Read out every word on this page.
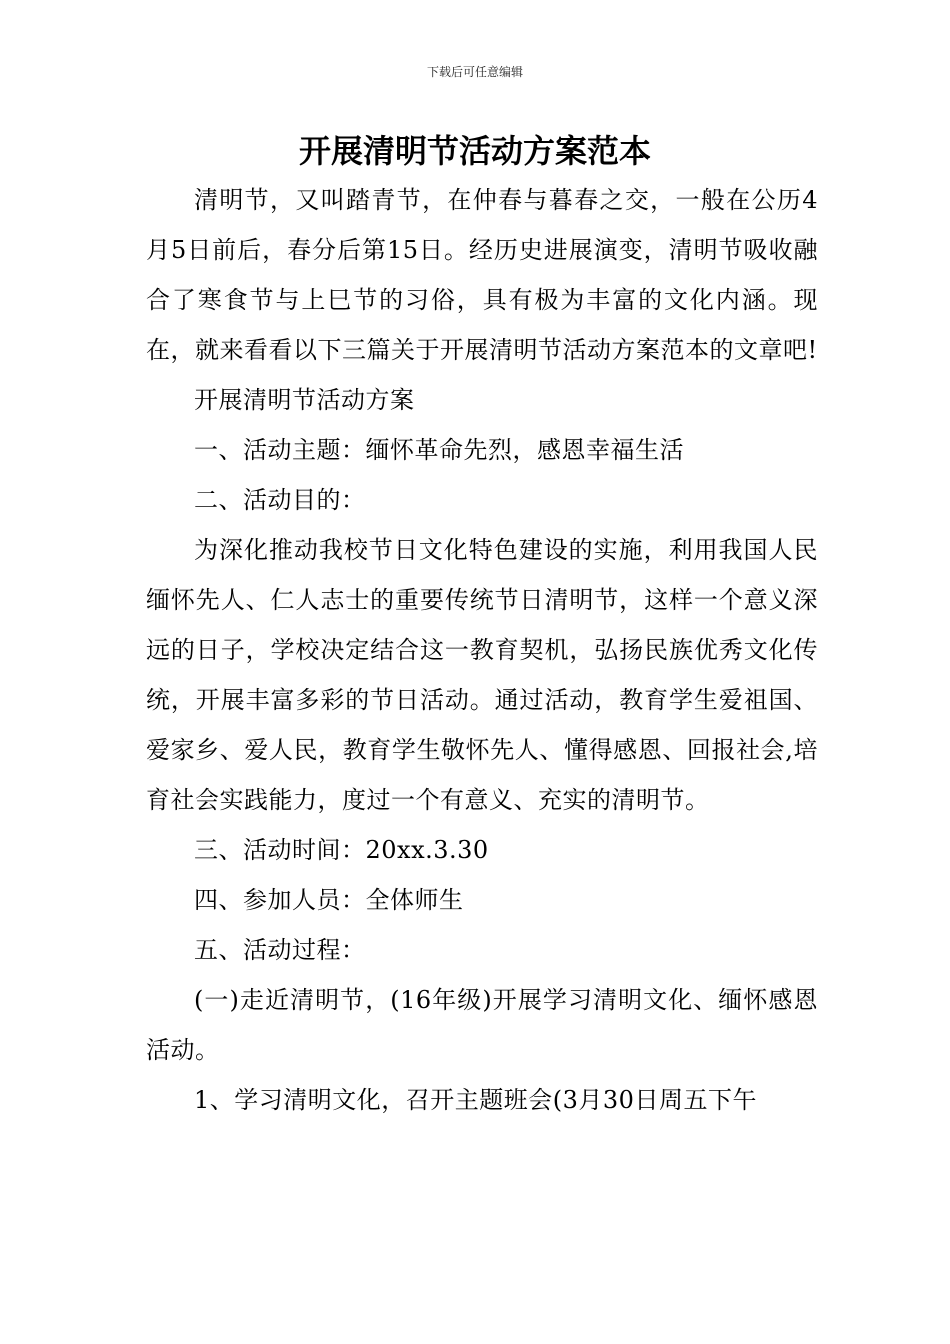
下载后可任意编辑
开展清明节活动方案范本

清明节，又叫踏青节，在仲春与暮春之交，一般在公历4月5日前后，春分后第15日。经历史进展演变，清明节吸收融合了寒食节与上巳节的习俗，具有极为丰富的文化内涵。现在，就来看看以下三篇关于开展清明节活动方案范本的文章吧!

开展清明节活动方案

一、活动主题：缅怀革命先烈，感恩幸福生活

二、活动目的：

为深化推动我校节日文化特色建设的实施，利用我国人民缅怀先人、仁人志士的重要传统节日清明节，这样一个意义深远的日子，学校决定结合这一教育契机，弘扬民族优秀文化传统，开展丰富多彩的节日活动。通过活动，教育学生爱祖国、爱家乡、爱人民，教育学生敬怀先人、懂得感恩、回报社会,培育社会实践能力，度过一个有意义、充实的清明节。

三、活动时间：20xx.3.30

四、参加人员：全体师生

五、活动过程：

(一)走近清明节，(16年级)开展学习清明文化、缅怀感恩活动。

1、学习清明文化，召开主题班会(3月30日周五下午
